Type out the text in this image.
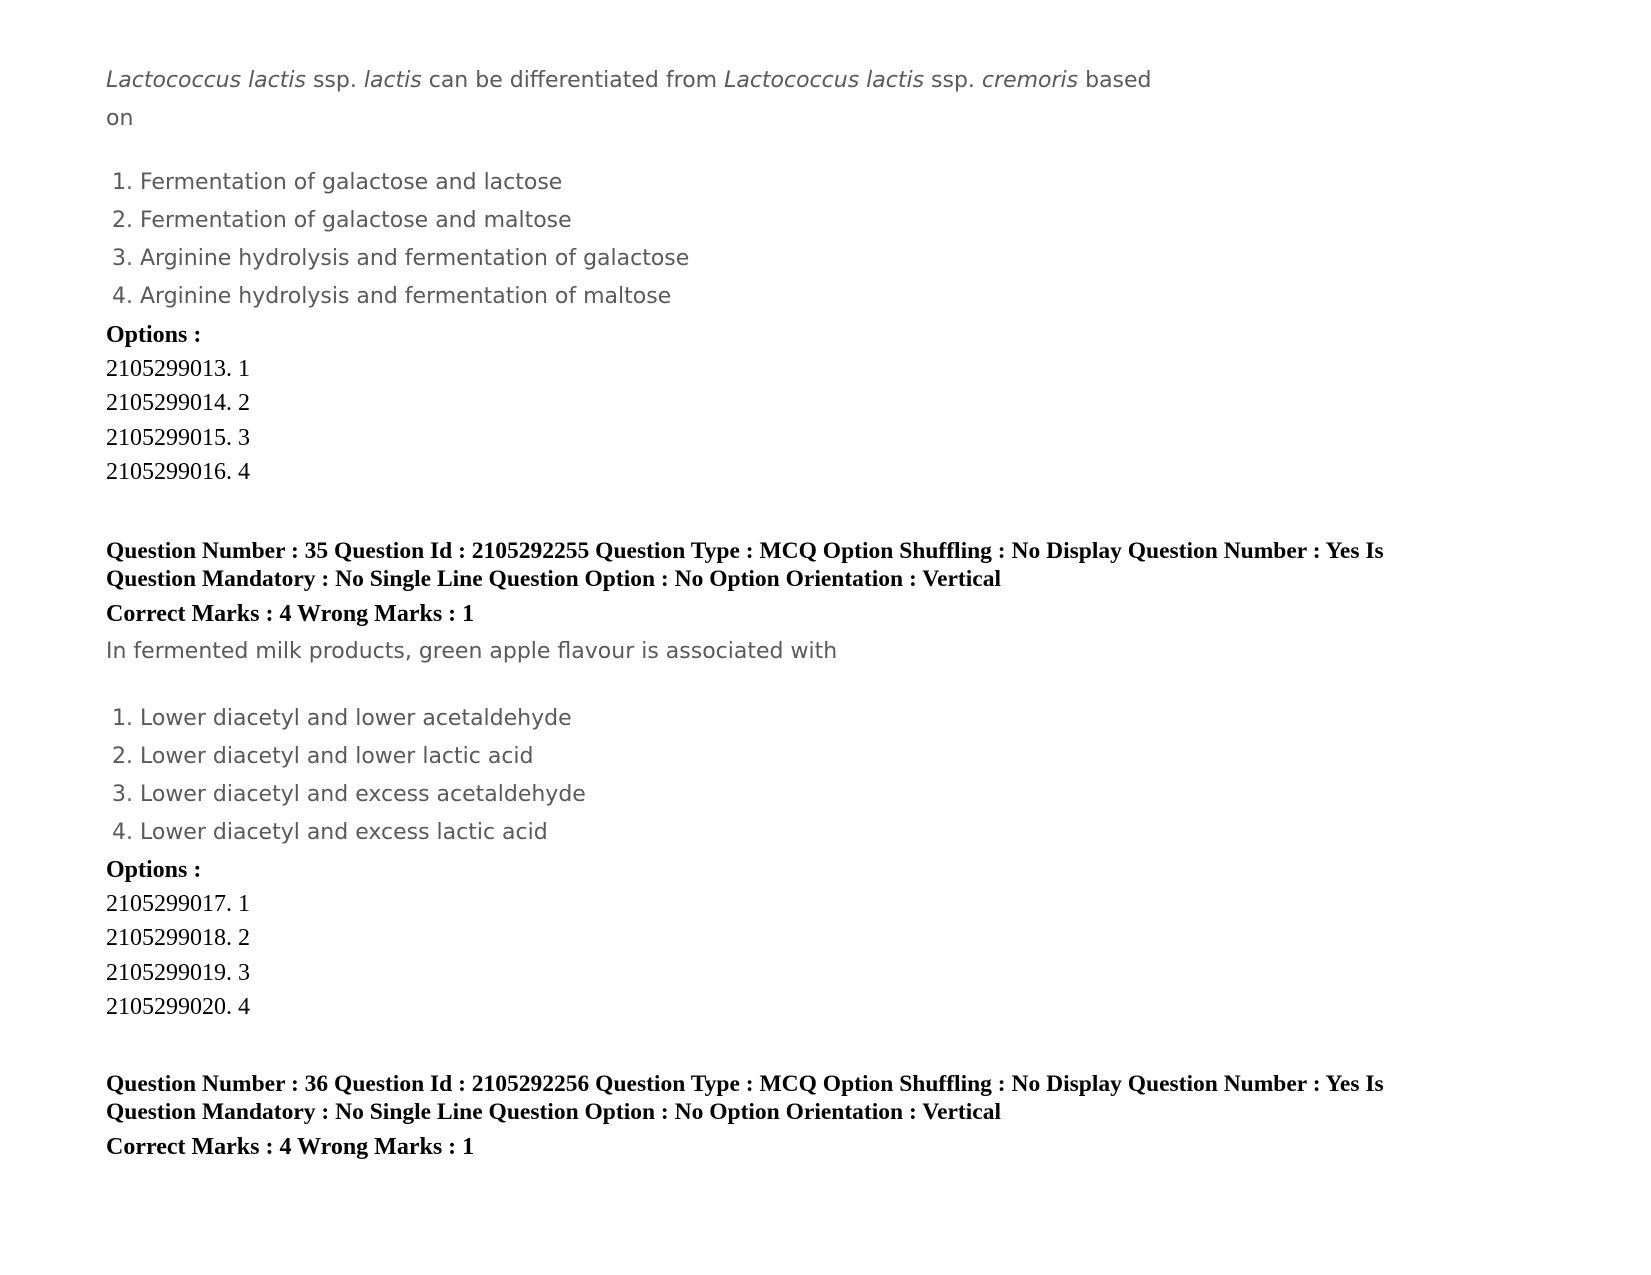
Lactococcus lactis ssp. lactis can be differentiated from Lactococcus lactis ssp. cremoris based
on

1. Fermentation of galactose and lactose
2. Fermentation of galactose and maltose
3. Arginine hydrolysis and fermentation of galactose
4. Arginine hydrolysis and fermentation of maltose
Options :
2105299013. 1
2105299014. 2
2105299015. 3
2105299016. 4

Question Number : 35 Question Id : 2105292255 Question Type : MCQ Option Shuffling : No Display Question Number : Yes Is
Question Mandatory : No Single Line Question Option : No Option Orientation : Vertical

Correct Marks : 4 Wrong Marks : 1

In fermented milk products, green apple flavour is associated with

1. Lower diacetyl and lower acetaldehyde
2. Lower diacetyl and lower lactic acid
3. Lower diacetyl and excess acetaldehyde
4. Lower diacetyl and excess lactic acid
Options :
2105299017. 1
2105299018. 2
2105299019. 3
2105299020. 4

Question Number : 36 Question Id : 2105292256 Question Type : MCQ Option Shuffling : No Display Question Number : Yes Is
Question Mandatory : No Single Line Question Option : No Option Orientation : Vertical

Correct Marks : 4 Wrong Marks : 1
